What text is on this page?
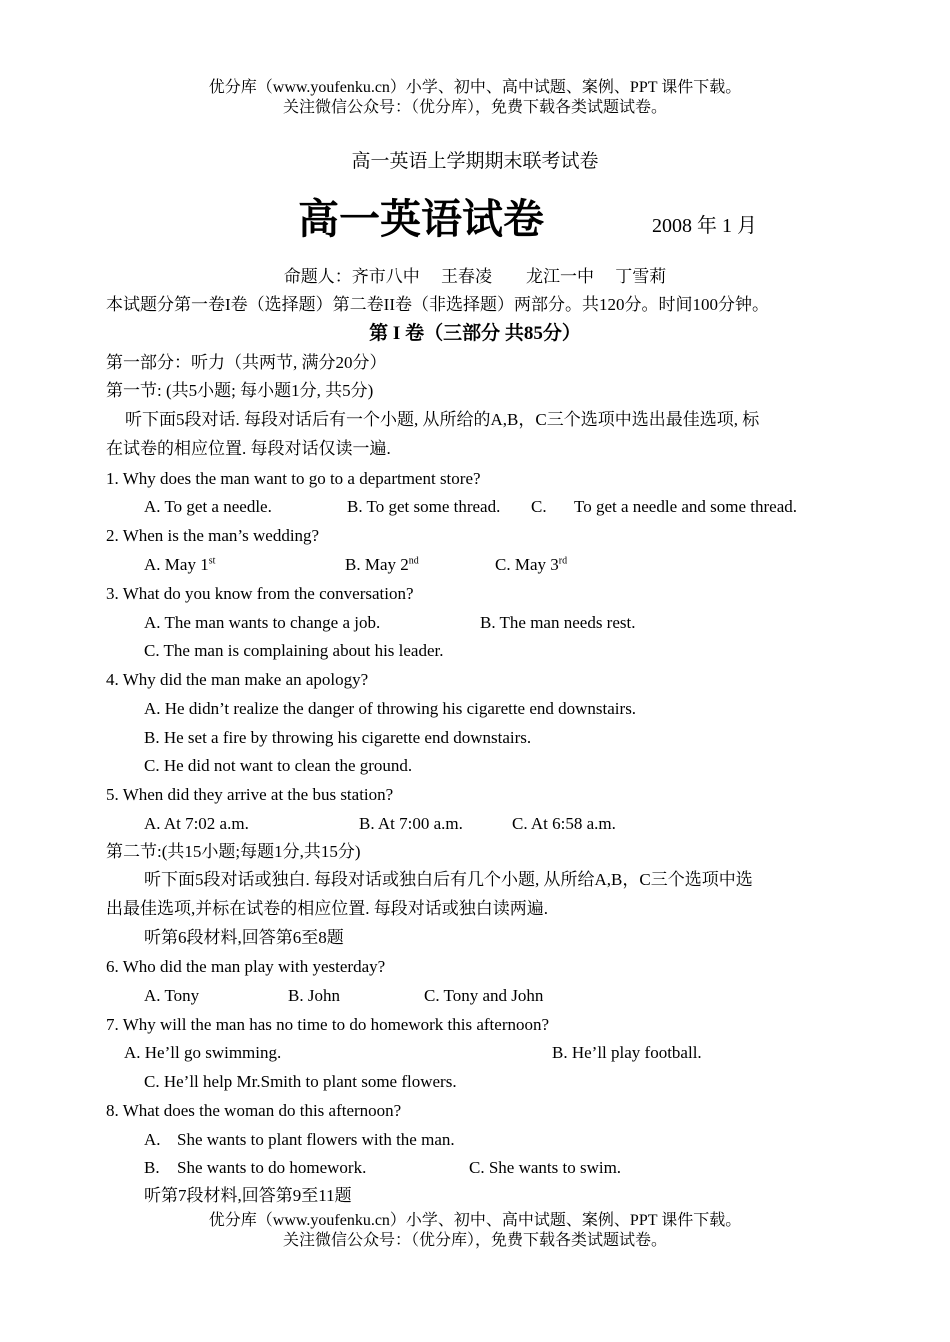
优分库（www.youfenku.cn）小学、初中、高中试题、案例、PPT 课件下载。
关注微信公众号：（优分库），免费下载各类试题试卷。
高一英语上学期期末联考试卷
高一英语试卷	2008 年 1 月
命题人：齐市八中　 王春凌　　龙江一中　 丁雪莉
本试题分第一卷I卷（选择题）第二卷II卷（非选择题）两部分。共120分。时间100分钟。
第 I 卷（三部分 共85分）
第一部分：听力（共两节, 满分20分）
第一节: (共5小题; 每小题1分, 共5分)
听下面5段对话. 每段对话后有一个小题, 从所给的A,B，C三个选项中选出最佳选项, 标
在试卷的相应位置. 每段对话仅读一遍.
1. Why does the man want to go to a department store?
A. To get a needle.	B. To get some thread. C. To get a needle and some thread.
2. When is the man’s wedding?
A. May 1st	B. May 2nd	C. May 3rd
3. What do you know from the conversation?
A. The man wants to change a job.	B. The man needs rest.
C. The man is complaining about his leader.
4. Why did the man make an apology?
A. He didn’t realize the danger of throwing his cigarette end downstairs.
B. He set a fire by throwing his cigarette end downstairs.
C. He did not want to clean the ground.
5. When did they arrive at the bus station?
A. At 7:02 a.m.	B. At 7:00 a.m.	C. At 6:58 a.m.
第二节:(共15小题;每题1分,共15分)
听下面5段对话或独白. 每段对话或独白后有几个小题, 从所给A,B，C三个选项中选
出最佳选项,并标在试卷的相应位置. 每段对话或独白读两遍.
听第6段材料,回答第6至8题
6. Who did the man play with yesterday?
A. Tony	B. John	C. Tony and John
7. Why will the man has no time to do homework this afternoon?
A. He’ll go swimming.	B. He’ll play football.
C. He’ll help Mr.Smith to plant some flowers.
8. What does the woman do this afternoon?
A. She wants to plant flowers with the man.
B. She wants to do homework.	C. She wants to swim.
听第7段材料,回答第9至11题
优分库（www.youfenku.cn）小学、初中、高中试题、案例、PPT 课件下载。
关注微信公众号：（优分库），免费下载各类试题试卷。
